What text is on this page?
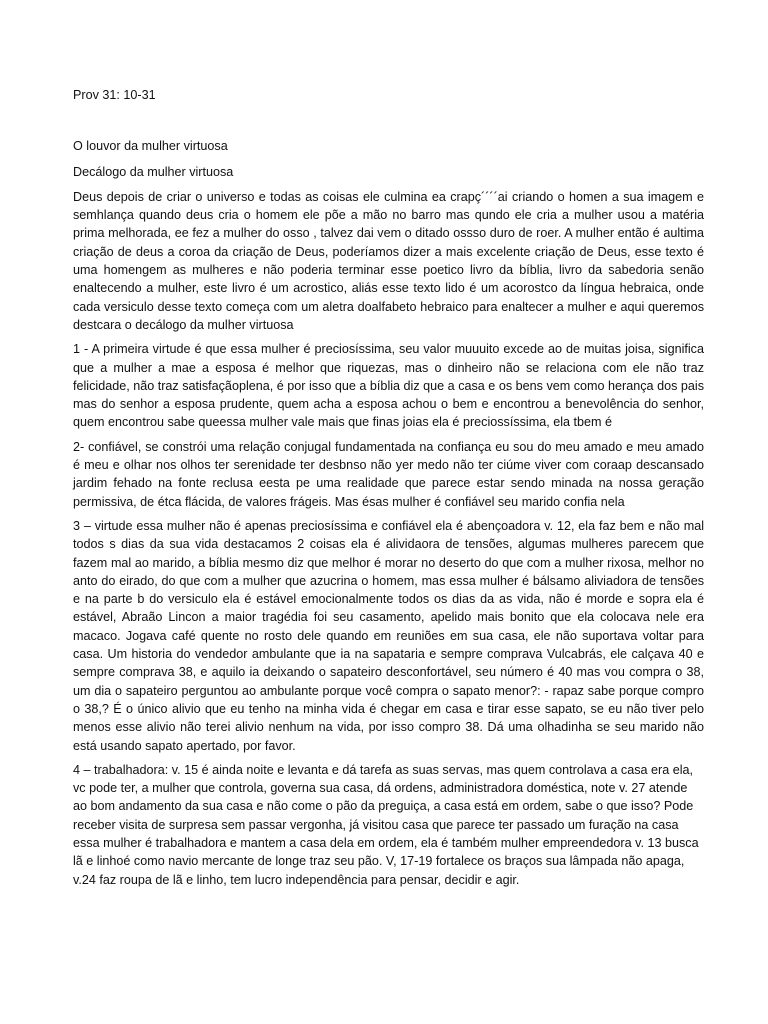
Prov 31: 10-31

O louvor da mulher virtuosa

Decálogo da mulher virtuosa

Deus depois de criar o universo e todas as coisas ele culmina ea crapç´´´´ai criando o homen a sua imagem e semhlança quando deus cria o homem ele põe a mão no barro mas qundo ele cria a mulher usou a matéria prima melhorada, ee fez a mulher do osso , talvez dai vem o ditado ossso duro de roer. A mulher então é aultima criação de deus a coroa da criação de Deus, poderíamos dizer a mais excelente criação de Deus, esse texto é uma homengem as mulheres e não poderia terminar esse poetico livro da bíblia, livro da sabedoria senão enaltecendo a mulher, este livro é um acrostico, aliás esse texto lido é um acorostco da língua hebraica, onde cada versiculo desse texto começa com um aletra doalfabeto hebraico para enaltecer a mulher e aqui queremos destcara o decálogo da mulher virtuosa

1 - A primeira virtude é que essa mulher é preciosíssima, seu valor muuuito excede ao de muitas joisa, significa que a mulher a mae a esposa é melhor que riquezas, mas o dinheiro não se relaciona com ele não traz felicidade, não traz satisfaçãoplena, é por isso que a bíblia diz que a casa e os bens vem como herança dos pais mas do senhor a esposa prudente, quem acha a esposa achou o bem e encontrou a benevolência do senhor, quem encontrou sabe queessa mulher vale mais que finas joias ela é preciossíssima, ela tbem é

2- confiável, se constrói uma relação conjugal fundamentada na confiança eu sou do meu amado e meu amado é meu e olhar nos olhos ter serenidade ter desbnso não yer medo não ter ciúme viver com coraap descansado jardim fehado na fonte reclusa eesta pe uma realidade que parece estar sendo minada na nossa geração permissiva, de étca flácida, de valores frágeis. Mas ésas mulher é confiável seu marido confia nela

3 – virtude essa mulher não é apenas preciosíssima e confiável ela é abençoadora v. 12, ela faz bem e não mal todos s dias da sua vida destacamos 2 coisas ela é alividaora de tensões, algumas mulheres parecem que fazem mal ao marido, a bíblia mesmo diz que melhor é morar no deserto do que com a mulher rixosa, melhor no anto do eirado, do que com a mulher que azucrina o homem, mas essa mulher é bálsamo aliviadora de tensões e na parte b do versiculo ela é estável emocionalmente todos os dias da as vida, não é morde e sopra ela é estável, Abraão Lincon a maior tragédia foi seu casamento, apelido mais bonito que ela colocava nele era macaco. Jogava café quente no rosto dele quando em reuniões em sua casa, ele não suportava voltar para casa. Um historia do vendedor ambulante que ia na sapataria e sempre comprava Vulcabrás, ele calçava 40 e sempre comprava 38, e aquilo ia deixando o sapateiro desconfortável, seu número é 40 mas vou compra o 38, um dia o sapateiro perguntou ao ambulante porque você compra o sapato menor?: - rapaz sabe porque compro o 38,? É o único alivio que eu tenho na minha vida é chegar em casa e tirar esse sapato, se eu não tiver pelo menos esse alivio não terei alivio nenhum na vida, por isso compro 38. Dá uma olhadinha se seu marido não está usando sapato apertado, por favor.

4 – trabalhadora: v. 15 é ainda noite e levanta e dá tarefa as suas servas, mas quem controlava a casa era ela, vc pode ter, a mulher que controla, governa sua casa, dá ordens, administradora doméstica, note v. 27 atende ao bom andamento da sua casa e não come o pão da preguiça, a casa está em ordem, sabe o que isso? Pode receber visita de surpresa sem passar vergonha, já visitou casa que parece ter passado um furação na casa essa mulher é trabalhadora e mantem a casa dela em ordem, ela é também mulher empreendedora v. 13 busca lã e linhoé como navio mercante de longe traz seu pão. V, 17-19 fortalece os braços sua lâmpada não apaga, v.24 faz roupa de lã e linho, tem lucro independência para pensar, decidir e agir.
